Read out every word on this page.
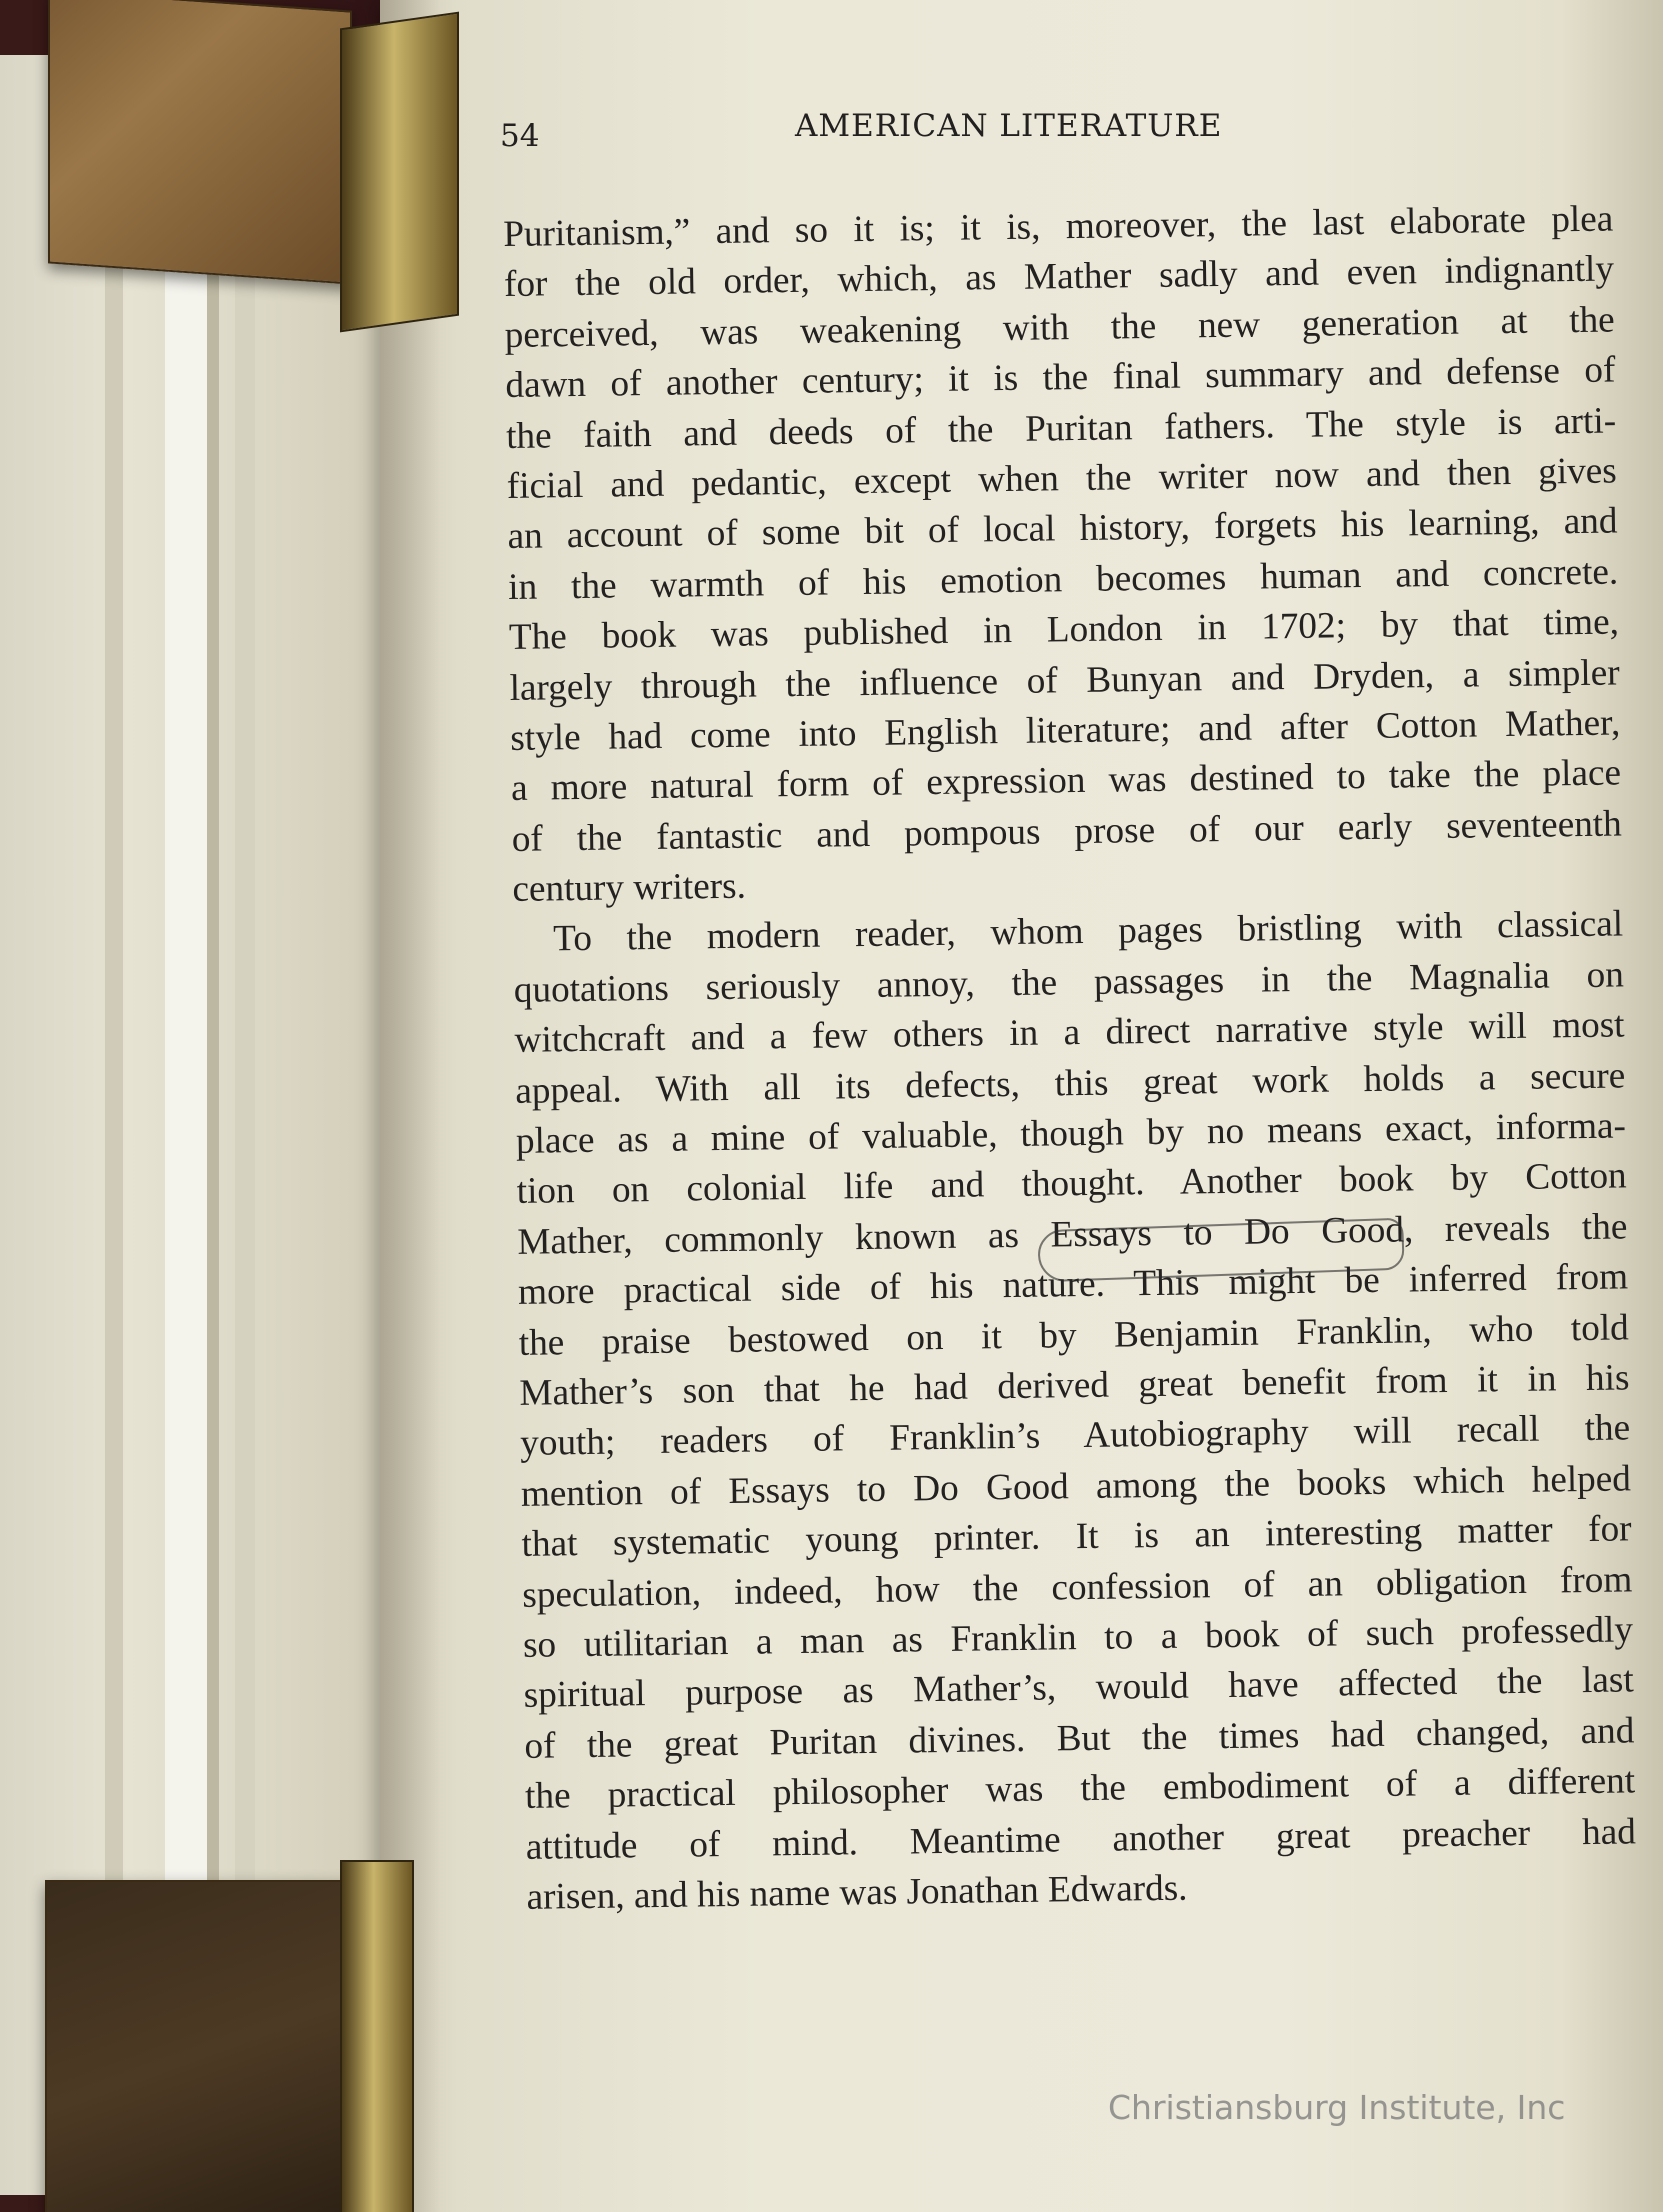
54	AMERICAN LITERATURE
Puritanism,” and so it is; it is, moreover, the last elaborate plea
for the old order, which, as Mather sadly and even indignantly
perceived, was weakening with the new generation at the
dawn of another century; it is the final summary and defense of
the faith and deeds of the Puritan fathers. The style is arti-
ficial and pedantic, except when the writer now and then gives
an account of some bit of local history, forgets his learning, and
in the warmth of his emotion becomes human and concrete.
The book was published in London in 1702; by that time,
largely through the influence of Bunyan and Dryden, a simpler
style had come into English literature; and after Cotton Mather,
a more natural form of expression was destined to take the place
of the fantastic and pompous prose of our early seventeenth
century writers.
To the modern reader, whom pages bristling with classical
quotations seriously annoy, the passages in the Magnalia on
witchcraft and a few others in a direct narrative style will most
appeal. With all its defects, this great work holds a secure
place as a mine of valuable, though by no means exact, informa-
tion on colonial life and thought. Another book by Cotton
Mather, commonly known as Essays to Do Good, reveals the
more practical side of his nature. This might be inferred from
the praise bestowed on it by Benjamin Franklin, who told
Mather’s son that he had derived great benefit from it in his
youth; readers of Franklin’s Autobiography will recall the
mention of Essays to Do Good among the books which helped
that systematic young printer. It is an interesting matter for
speculation, indeed, how the confession of an obligation from
so utilitarian a man as Franklin to a book of such professedly
spiritual purpose as Mather’s, would have affected the last
of the great Puritan divines. But the times had changed, and
the practical philosopher was the embodiment of a different
attitude of mind. Meantime another great preacher had
arisen, and his name was Jonathan Edwards.
Christiansburg Institute, Inc
